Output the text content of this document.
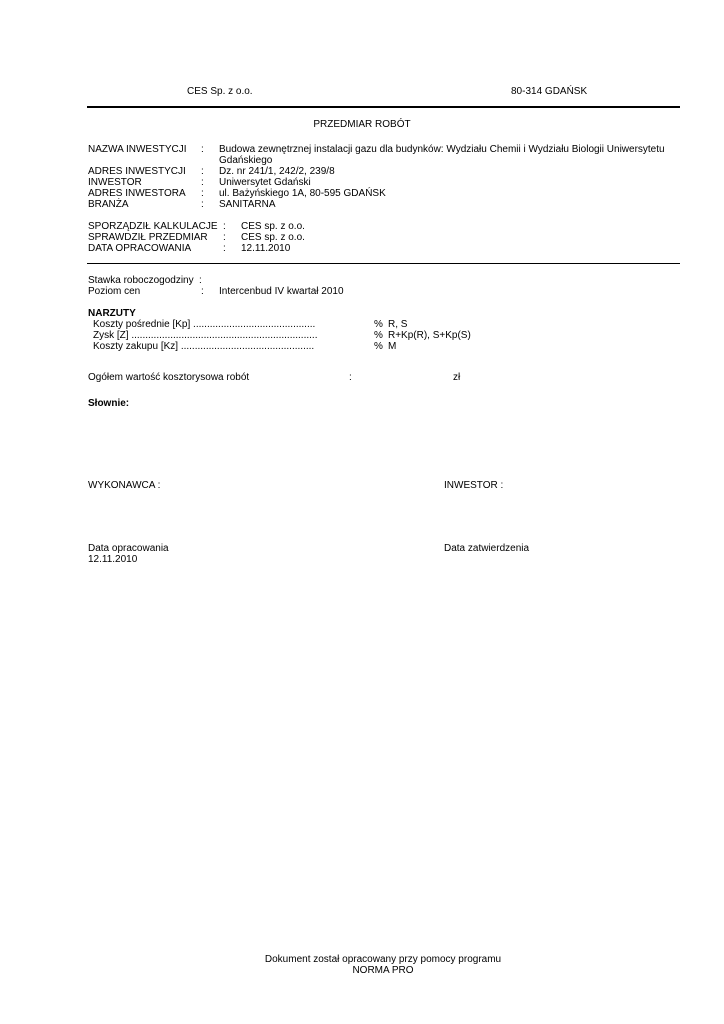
CES Sp. z o.o.	80-314 GDAŃSK
PRZEDMIAR ROBÓT
NAZWA INWESTYCJI : Budowa zewnętrznej instalacji gazu dla budynków: Wydziału Chemii i Wydziału Biologii Uniwersytetu
Gdańskiego
ADRES INWESTYCJI : Dz. nr 241/1, 242/2, 239/8
INWESTOR	: Uniwersytet Gdański
ADRES INWESTORA : ul. Bażyńskiego 1A, 80-595 GDAŃSK
BRANŻA	: SANITARNA
SPORZĄDZIŁ KALKULACJE : CES sp. z o.o.
SPRAWDZIŁ PRZEDMIAR : CES sp. z o.o.
DATA OPRACOWANIA	: 12.11.2010
Stawka roboczogodziny :
Poziom cen	: Intercenbud IV kwartał 2010
NARZUTY
Koszty pośrednie [Kp] ............................................	% R, S
Zysk [Z] ...................................................................	% R+Kp(R), S+Kp(S)
Koszty zakupu [Kz] ................................................	% M
Ogółem wartość kosztorysowa robót	:	zł
Słownie:
WYKONAWCA :	INWESTOR :
Data opracowania
12.11.2010
Data zatwierdzenia
Dokument został opracowany przy pomocy programu
NORMA PRO
